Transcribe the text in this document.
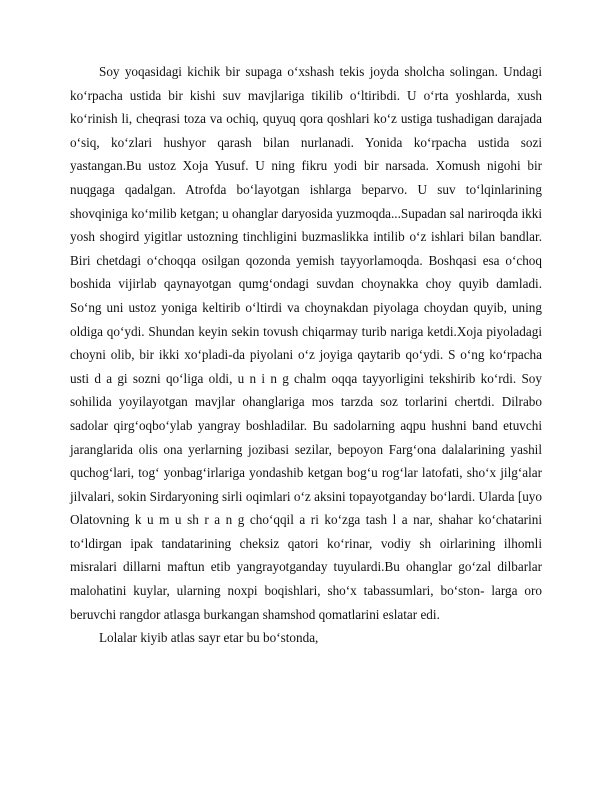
Soy yoqasidagi kichik bir supaga oʻxshash tekis joyda sholcha solingan. Undagi koʻrpacha ustida bir kishi suv mavjlariga tikilib oʻltiribdi. U oʻrta yoshlarda, xush koʻrinish li, cheqrasi toza va ochiq, quyuq qora qoshlari koʻz ustiga tushadigan darajada oʻsiq, koʻzlari hushyor qarash bilan nurlanadi. Yonida koʻrpacha ustida sozi yastangan.Bu ustoz Xoja Yusuf. U ning fikru yodi bir narsada. Xomush nigohi bir nuqgaga qadalgan. Atrofda boʻlayotgan ishlarga beparvo. U suv toʻlqinlarining shovqiniga koʻmilib ketgan; u ohanglar daryosida yuzmoqda...Supadan sal nariroqda ikki yosh shogird yigitlar ustozning tinchligini buzmaslikka intilib oʻz ishlari bilan bandlar. Biri chetdagi oʻchoqqa osilgan qozonda yemish tayyorlamoqda. Boshqasi esa oʻchoq boshida vijirlab qaynayotgan qumgʻondagi suvdan choynakka choy quyib damladi. Soʻng uni ustoz yoniga keltirib oʻltirdi va choynakdan piyolaga choydan quyib, uning oldiga qoʻydi. Shundan keyin sekin tovush chiqarmay turib nariga ketdi.Xoja piyoladagi choyni olib, bir ikki xoʻpladi-da piyolani oʻz joyiga qaytarib qoʻydi. S oʻng koʻrpacha usti d a gi sozni qoʻliga oldi, u n i n g chalm oqqa tayyorligini tekshirib koʻrdi. Soy sohilida yoyilayotgan mavjlar ohanglariga mos tarzda soz torlarini chertdi. Dilrabo sadolar qirgʻoqboʻylab yangray boshladilar. Bu sadolarning aqpu hushni band etuvchi jaranglarida olis ona yerlarning jozibasi sezilar, bepoyon Fargʻona dalalarining yashil quchogʻlari, togʻ yonbagʻirlariga yondashib ketgan bogʻu rogʻlar latofati, shoʻx jilgʻalar jilvalari, sokin Sirdaryoning sirli oqimlari oʻz aksini topayotganday boʻlardi. Ularda [uyo Olatovning k u m u sh r a n g choʻqqil a ri koʻzga tash l a nar, shahar koʻchatarini toʻldirgan ipak tandatarining cheksiz qatori koʻrinar, vodiy sh oirlarining ilhomli misralari dillarni maftun etib yangrayotganday tuyulardi.Bu ohanglar goʻzal dilbarlar malohatini kuylar, ularning noxpi boqishlari, shoʻx tabassumlari, boʻston- larga oro beruvchi rangdor atlasga burkangan shamshod qomatlarini eslatar edi.

Lolalar kiyib atlas sayr etar bu boʻstonda,
